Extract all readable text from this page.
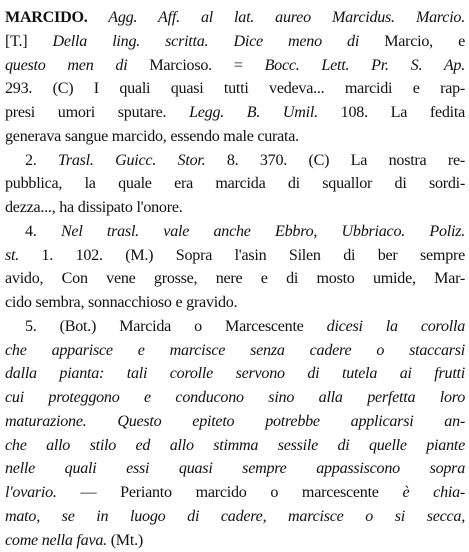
MARCIDO. Agg. Aff. al lat. aureo Marcidus. Marcio.
[T.] Della ling. scritta. Dice meno di Marcio, e
questo men di Marcioso. = Bocc. Lett. Pr. S. Ap.
293. (C) I quali quasi tutti vedeva... marcidi e rap-
presi umori sputare. Legg. B. Umil. 108. La fedita
generava sangue marcido, essendo male curata.
2. Trasl. Guicc. Stor. 8. 370. (C) La nostra re-
pubblica, la quale era marcida di squallor di sordi-
dezza..., ha dissipato l'onore.
4. Nel trasl. vale anche Ebbro, Ubbriaco. Poliz.
st. 1. 102. (M.) Sopra l'asin Silen di ber sempre
avido, Con vene grosse, nere e di mosto umide, Mar-
cido sembra, sonnacchioso e gravido.
5. (Bot.) Marcida o Marcescente dicesi la corolla
che apparisce e marcisce senza cadere o staccarsi
dalla pianta: tali corolle servono di tutela ai frutti
cui proteggono e conducono sino alla perfetta loro
maturazione. Questo epiteto potrebbe applicarsi an-
che allo stilo ed allo stimma sessile di quelle piante
nelle quali essi quasi sempre appassiscono sopra
l'ovario. — Perianto marcido o marcescente è chia-
mato, se in luogo di cadere, marcisce o si secca,
come nella fava. (Mt.)
